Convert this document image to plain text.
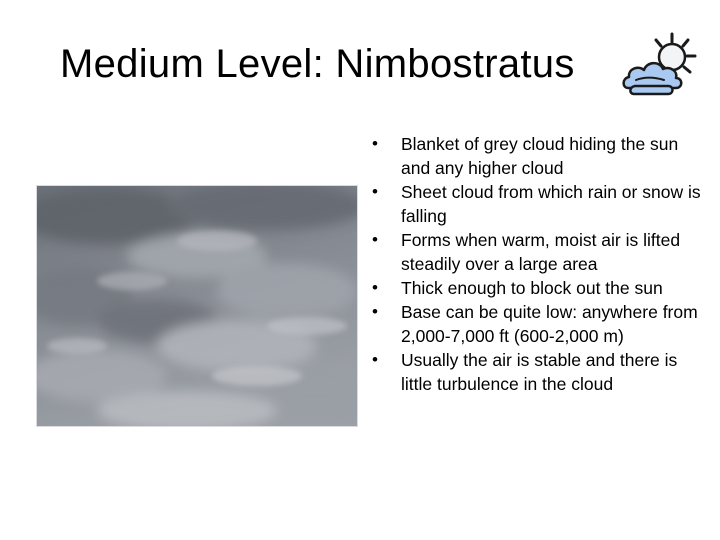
Medium Level: Nimbostratus
• Blanket of grey cloud hiding the sun and any higher cloud
• Sheet cloud from which rain or snow is falling
• Forms when warm, moist air is lifted steadily over a large area
• Thick enough to block out the sun
• Base can be quite low: anywhere from 2,000-7,000 ft (600-2,000 m)
• Usually the air is stable and there is little turbulence in the cloud
